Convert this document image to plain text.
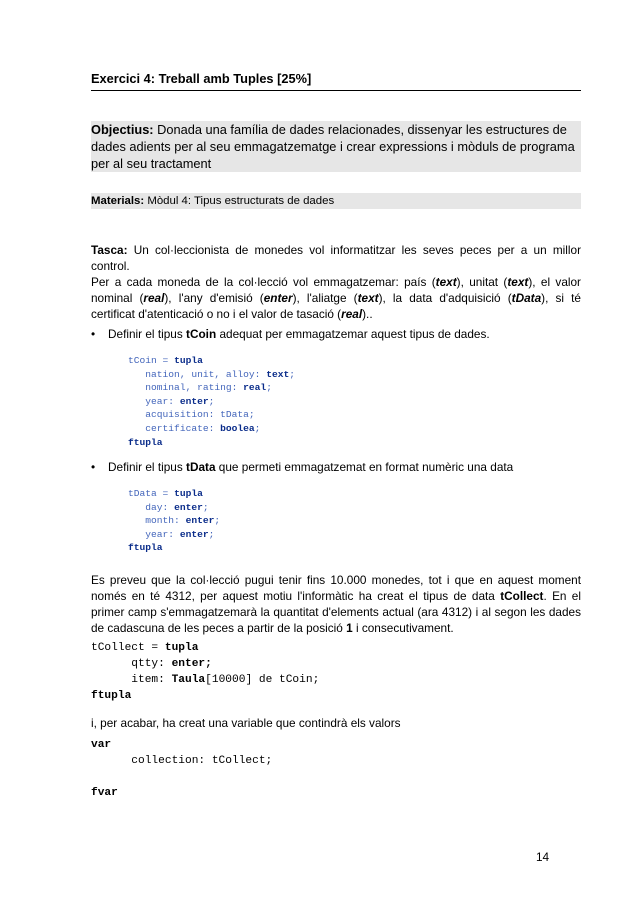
Exercici 4: Treball amb Tuples [25%]
Objectius: Donada una família de dades relacionades, dissenyar les estructures de dades adients per al seu emmagatzematge i crear expressions i mòduls de programa per al seu tractament
Materials: Mòdul 4: Tipus estructurats de dades
Tasca: Un col·leccionista de monedes vol informatitzar les seves peces per a un millor control.
Per a cada moneda de la col·lecció vol emmagatzemar: país (text), unitat (text), el valor nominal (real), l'any d'emisió (enter), l'aliatge (text), la data d'adquisició (tData), si té certificat d'atenticació o no i el valor de tasació (real)..
• Definir el tipus tCoin adequat per emmagatzemar aquest tipus de dades.
tCoin = tupla
nation, unit, alloy: text;
nominal, rating: real;
year: enter;
acquisition: tData;
certificate: boolea;
ftupla
• Definir el tipus tData que permeti emmagatzemat en format numèric una data
tData = tupla
day: enter;
month: enter;
year: enter;
ftupla
Es preveu que la col·lecció pugui tenir fins 10.000 monedes, tot i que en aquest moment només en té 4312, per aquest motiu l'informàtic ha creat el tipus de data tCollect. En el primer camp s'emmagatzemarà la quantitat d'elements actual (ara 4312) i al segon les dades de cadascuna de les peces a partir de la posició 1 i consecutivament.
tCollect = tupla
qtty: enter;
item: Taula[10000] de tCoin;
ftupla
i, per acabar, ha creat una variable que contindrà els valors
var
collection: tCollect;

fvar
14
